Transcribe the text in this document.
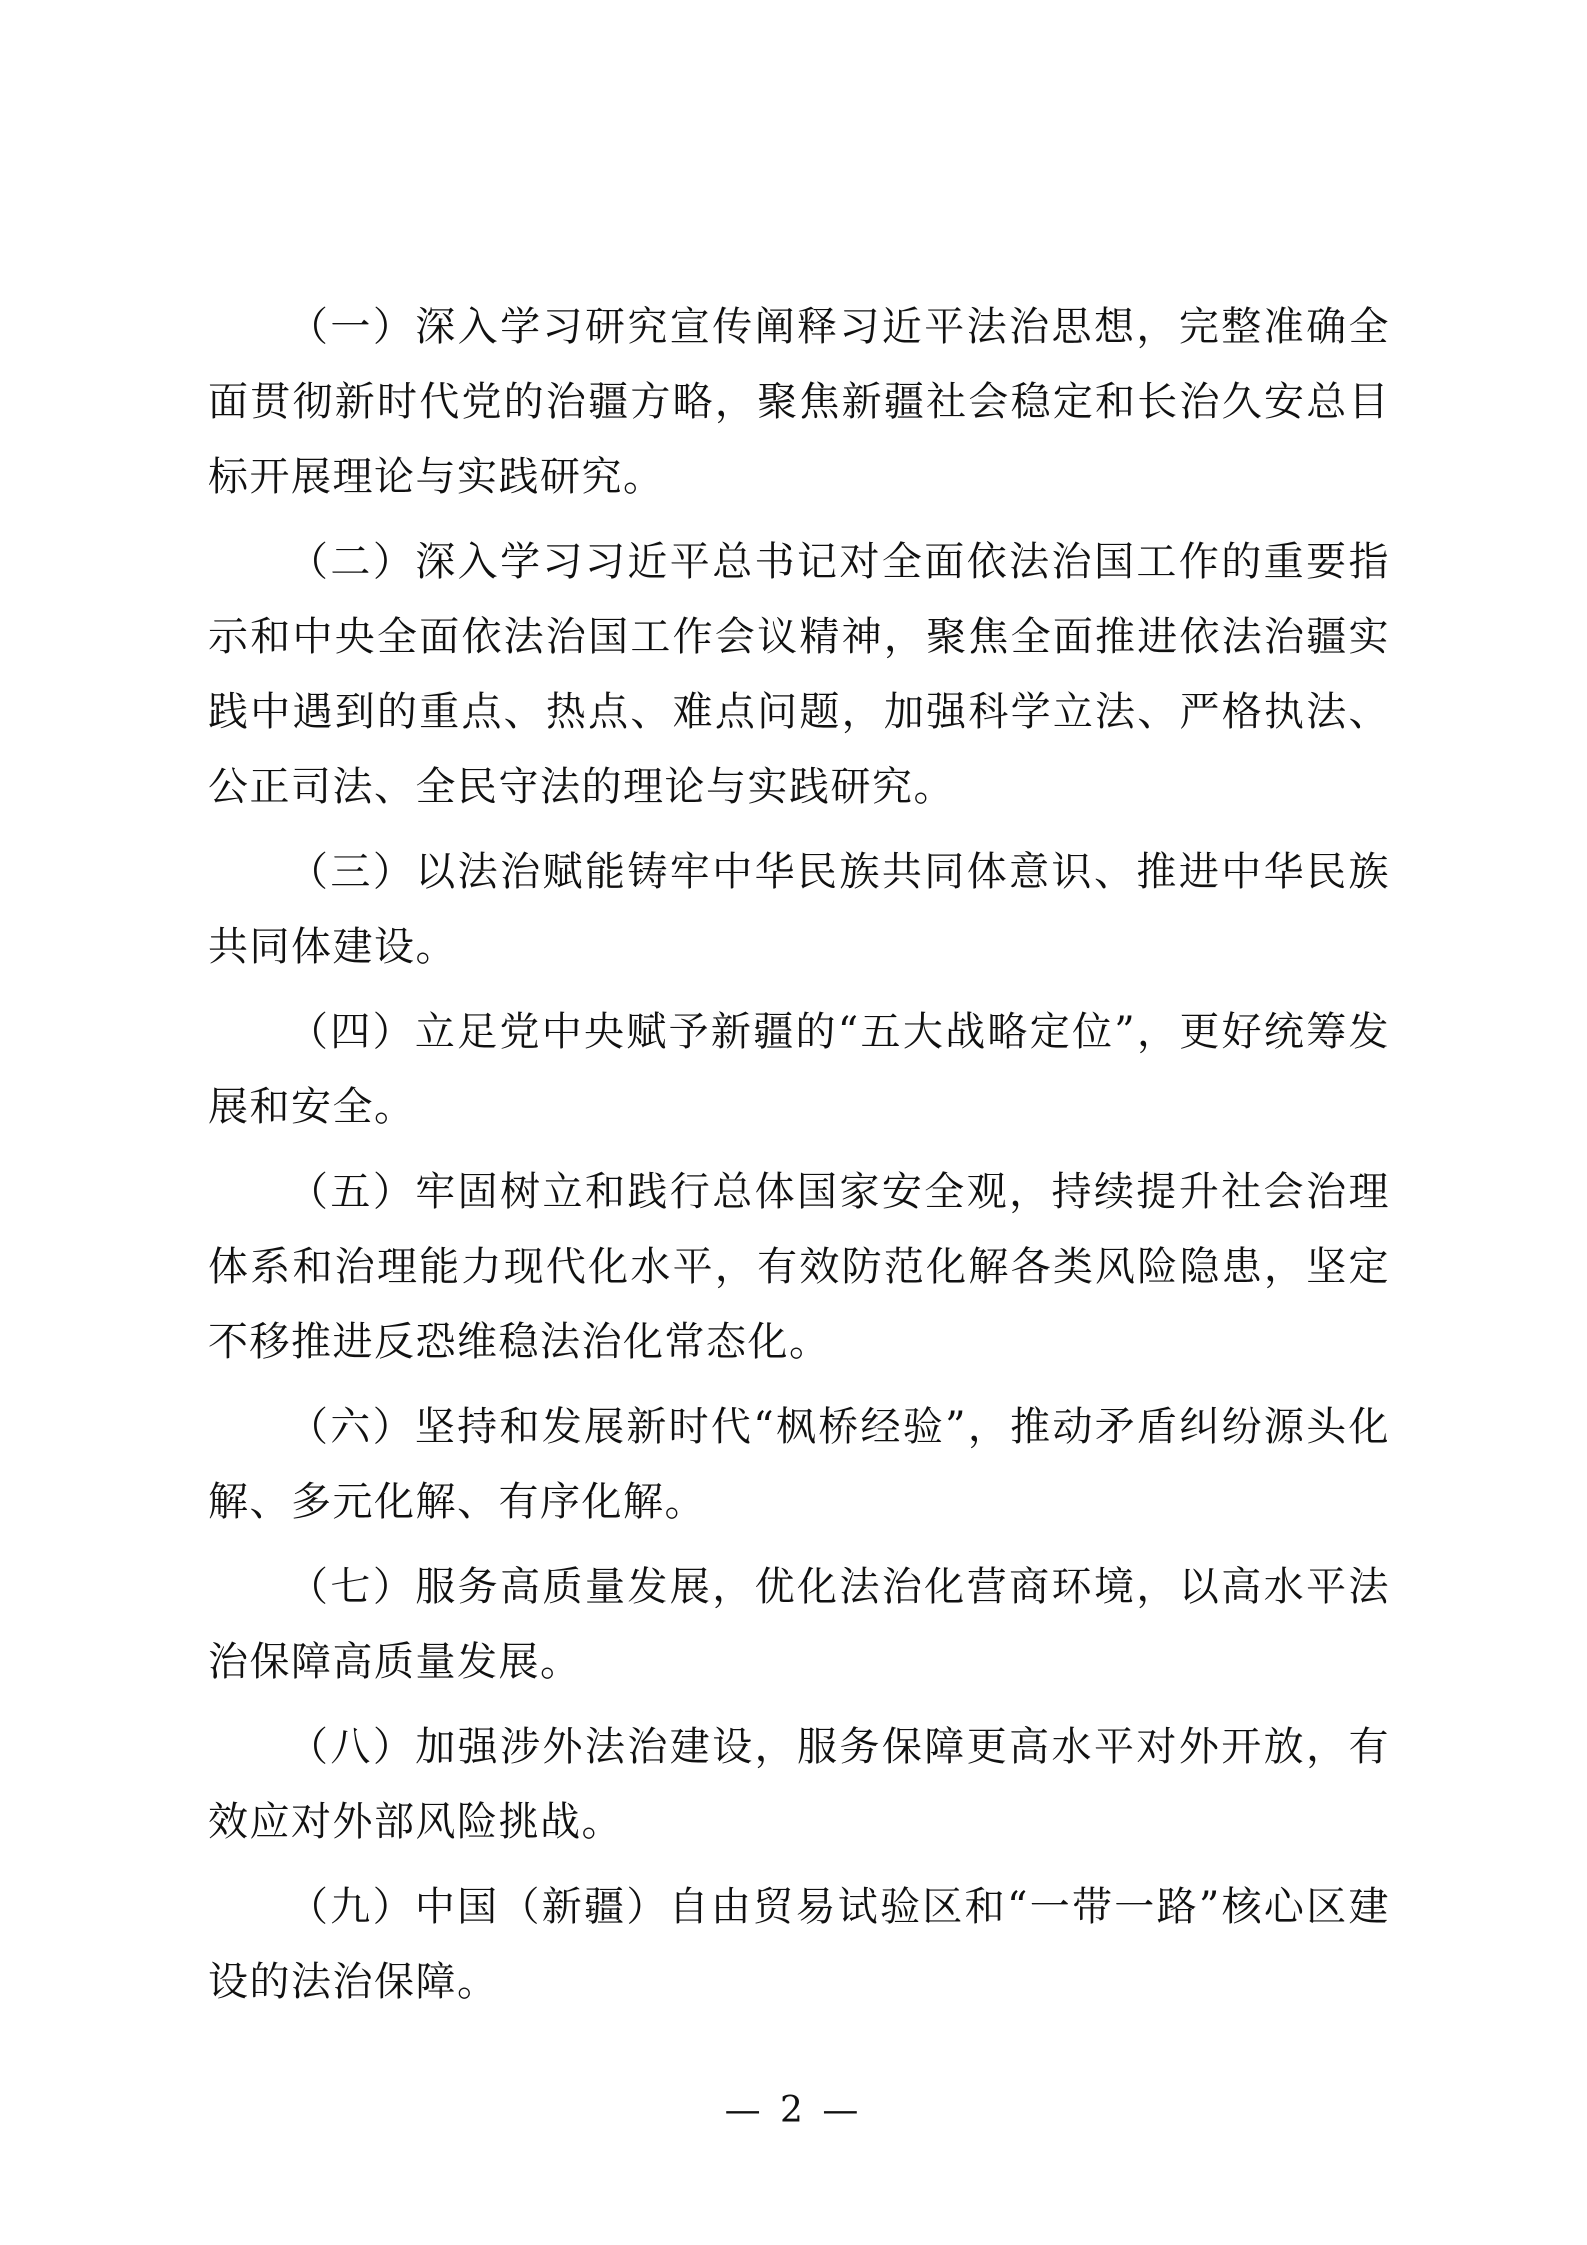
（一）深入学习研究宣传阐释习近平法治思想，完整准确全面贯彻新时代党的治疆方略，聚焦新疆社会稳定和长治久安总目标开展理论与实践研究。

（二）深入学习习近平总书记对全面依法治国工作的重要指示和中央全面依法治国工作会议精神，聚焦全面推进依法治疆实践中遇到的重点、热点、难点问题，加强科学立法、严格执法、公正司法、全民守法的理论与实践研究。

（三）以法治赋能铸牢中华民族共同体意识、推进中华民族共同体建设。

（四）立足党中央赋予新疆的“五大战略定位”，更好统筹发展和安全。

（五）牢固树立和践行总体国家安全观，持续提升社会治理体系和治理能力现代化水平，有效防范化解各类风险隐患，坚定不移推进反恐维稳法治化常态化。

（六）坚持和发展新时代“枫桥经验”，推动矛盾纠纷源头化解、多元化解、有序化解。

（七）服务高质量发展，优化法治化营商环境，以高水平法治保障高质量发展。

（八）加强涉外法治建设，服务保障更高水平对外开放，有效应对外部风险挑战。

（九）中国（新疆）自由贸易试验区和“一带一路”核心区建设的法治保障。

— 2 —
